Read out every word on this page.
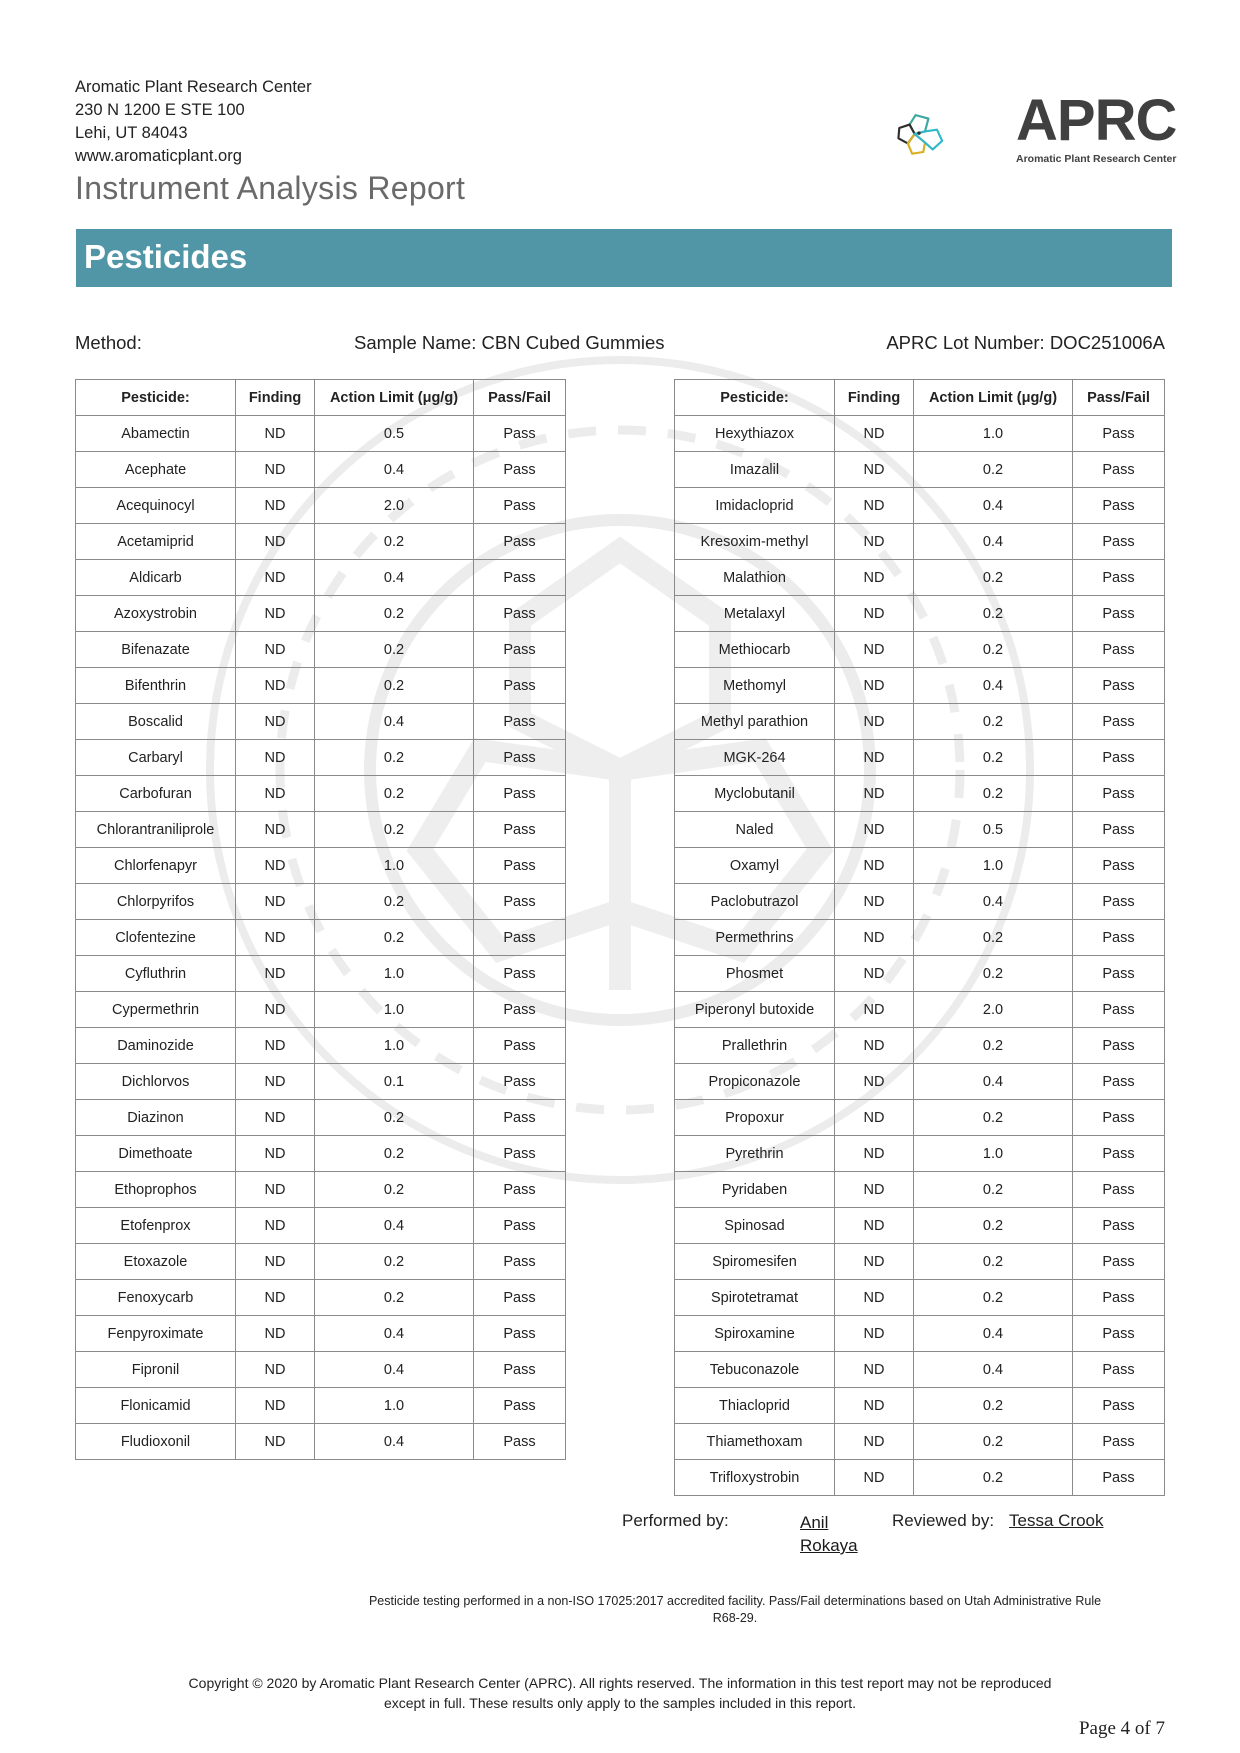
Aromatic Plant Research Center
230 N 1200 E STE 100
Lehi, UT 84043
www.aromaticplant.org
Instrument Analysis Report
APRC
Aromatic Plant Research Center
Pesticides
Method:	Sample Name: CBN Cubed Gummies	APRC Lot Number: DOC251006A
Pesticide:	Finding	Action Limit (μg/g)	Pass/Fail
Abamectin	ND	0.5	Pass
Acephate	ND	0.4	Pass
Acequinocyl	ND	2.0	Pass
Acetamiprid	ND	0.2	Pass
Aldicarb	ND	0.4	Pass
Azoxystrobin	ND	0.2	Pass
Bifenazate	ND	0.2	Pass
Bifenthrin	ND	0.2	Pass
Boscalid	ND	0.4	Pass
Carbaryl	ND	0.2	Pass
Carbofuran	ND	0.2	Pass
Chlorantraniliprole	ND	0.2	Pass
Chlorfenapyr	ND	1.0	Pass
Chlorpyrifos	ND	0.2	Pass
Clofentezine	ND	0.2	Pass
Cyfluthrin	ND	1.0	Pass
Cypermethrin	ND	1.0	Pass
Daminozide	ND	1.0	Pass
Dichlorvos	ND	0.1	Pass
Diazinon	ND	0.2	Pass
Dimethoate	ND	0.2	Pass
Ethoprophos	ND	0.2	Pass
Etofenprox	ND	0.4	Pass
Etoxazole	ND	0.2	Pass
Fenoxycarb	ND	0.2	Pass
Fenpyroximate	ND	0.4	Pass
Fipronil	ND	0.4	Pass
Flonicamid	ND	1.0	Pass
Fludioxonil	ND	0.4	Pass
Pesticide:	Finding	Action Limit (μg/g)	Pass/Fail
Hexythiazox	ND	1.0	Pass
Imazalil	ND	0.2	Pass
Imidacloprid	ND	0.4	Pass
Kresoxim-methyl	ND	0.4	Pass
Malathion	ND	0.2	Pass
Metalaxyl	ND	0.2	Pass
Methiocarb	ND	0.2	Pass
Methomyl	ND	0.4	Pass
Methyl parathion	ND	0.2	Pass
MGK-264	ND	0.2	Pass
Myclobutanil	ND	0.2	Pass
Naled	ND	0.5	Pass
Oxamyl	ND	1.0	Pass
Paclobutrazol	ND	0.4	Pass
Permethrins	ND	0.2	Pass
Phosmet	ND	0.2	Pass
Piperonyl butoxide	ND	2.0	Pass
Prallethrin	ND	0.2	Pass
Propiconazole	ND	0.4	Pass
Propoxur	ND	0.2	Pass
Pyrethrin	ND	1.0	Pass
Pyridaben	ND	0.2	Pass
Spinosad	ND	0.2	Pass
Spiromesifen	ND	0.2	Pass
Spirotetramat	ND	0.2	Pass
Spiroxamine	ND	0.4	Pass
Tebuconazole	ND	0.4	Pass
Thiacloprid	ND	0.2	Pass
Thiamethoxam	ND	0.2	Pass
Trifloxystrobin	ND	0.2	Pass
Performed by:	Anil
Rokaya
Reviewed by: Tessa Crook
Pesticide testing performed in a non-ISO 17025:2017 accredited facility. Pass/Fail determinations based on Utah Administrative Rule R68-29.
Copyright © 2020 by Aromatic Plant Research Center (APRC). All rights reserved. The information in this test report may not be reproduced except in full. These results only apply to the samples included in this report.
Page 4 of 7
